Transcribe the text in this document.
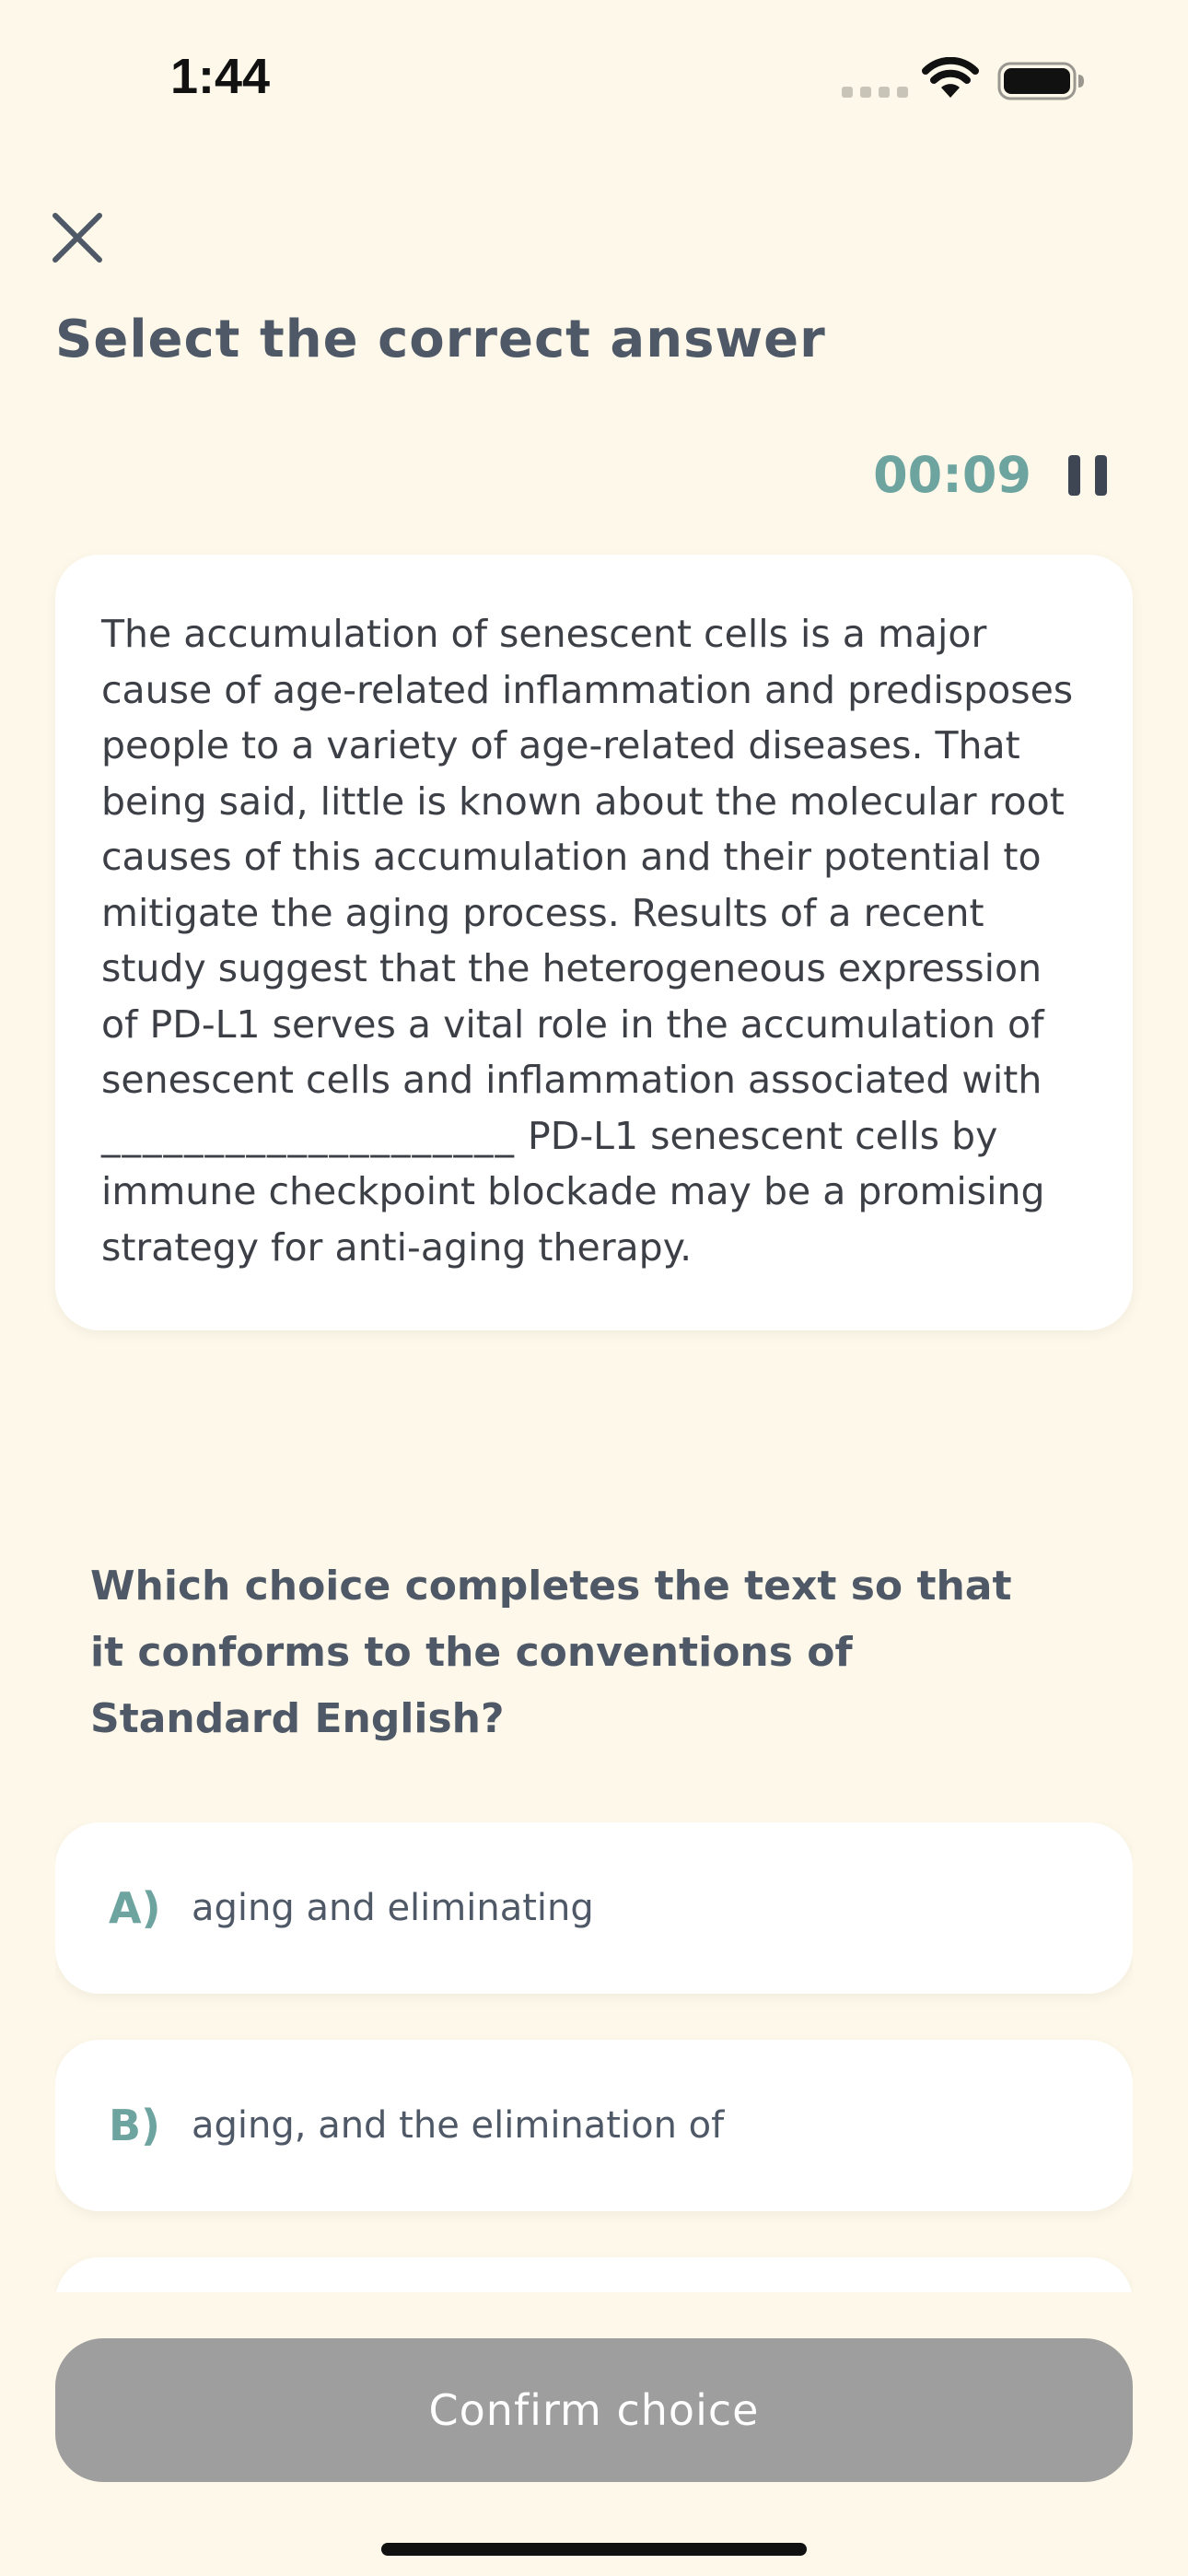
1:44
Select the correct answer
00:09

The accumulation of senescent cells is a major cause of age-related inflammation and predisposes people to a variety of age-related diseases. That being said, little is known about the molecular root causes of this accumulation and their potential to mitigate the aging process. Results of a recent study suggest that the heterogeneous expression of PD-L1 serves a vital role in the accumulation of senescent cells and inflammation associated with ____________________ PD-L1 senescent cells by immune checkpoint blockade may be a promising strategy for anti-aging therapy.

Which choice completes the text so that it conforms to the conventions of Standard English?

A) aging and eliminating
B) aging, and the elimination of
Confirm choice
